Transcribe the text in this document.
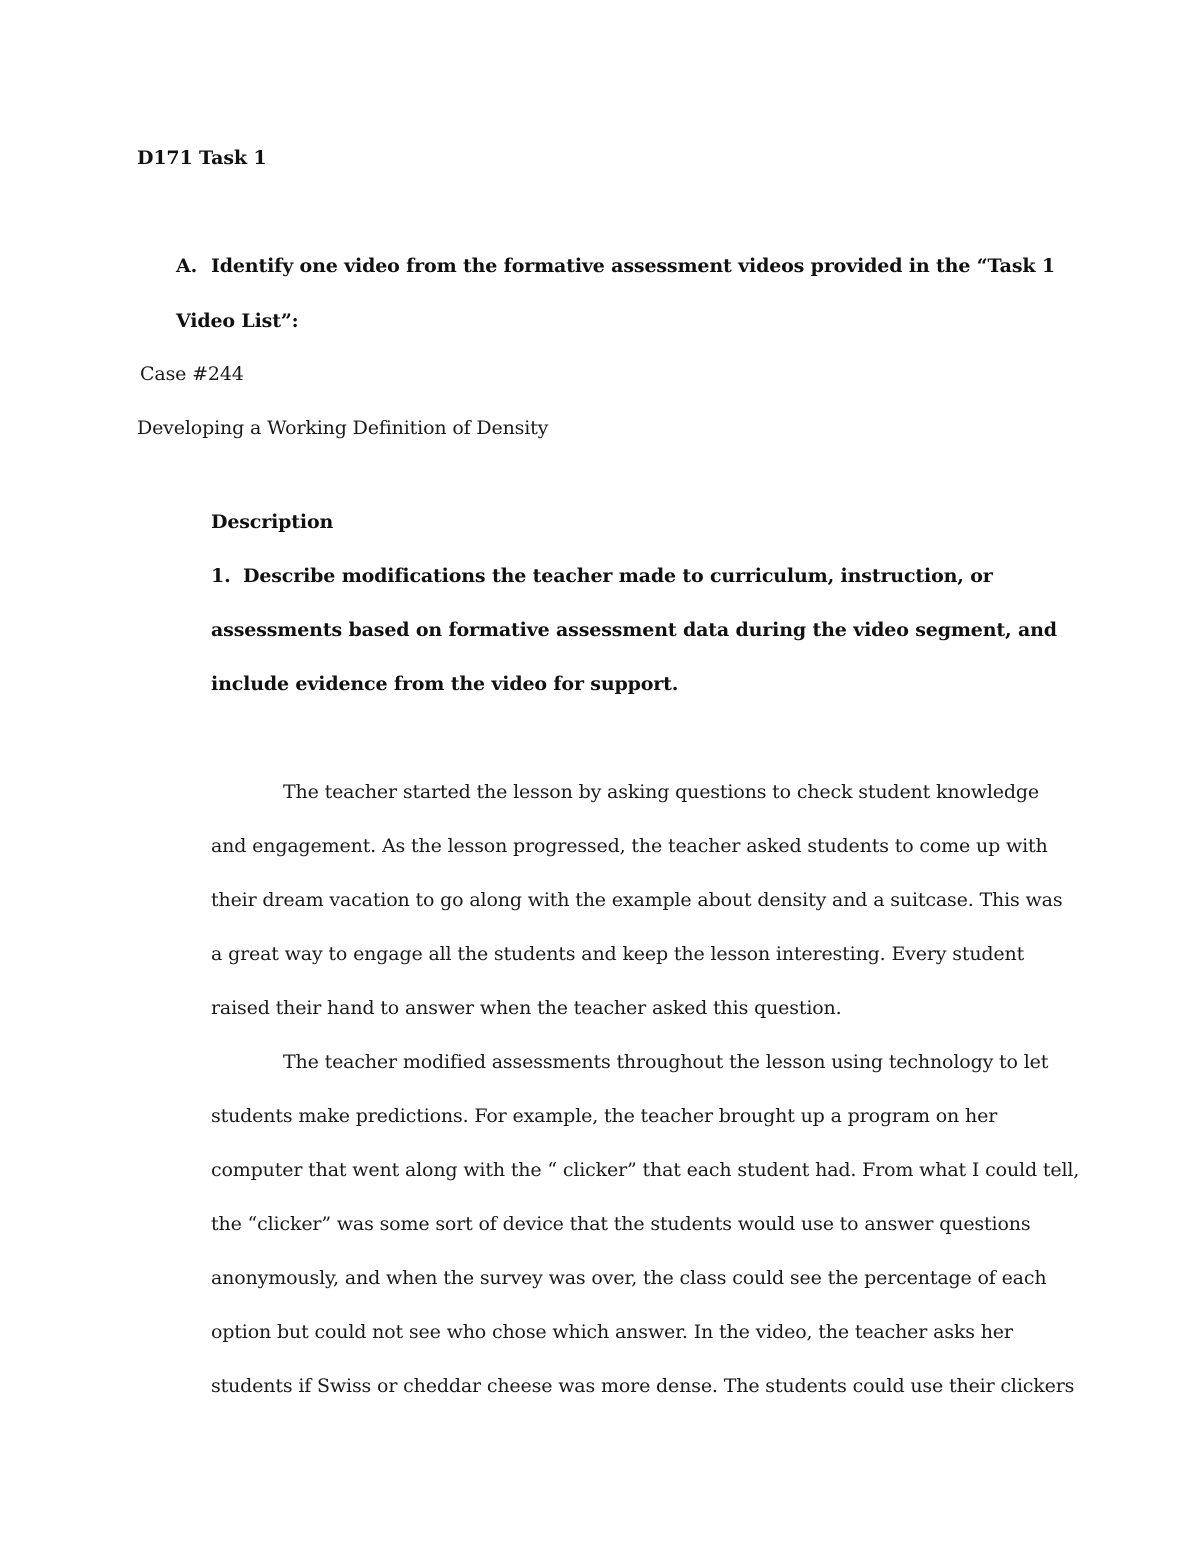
D171 Task 1
A. Identify one video from the formative assessment videos provided in the “Task 1
Video List”:
Case #244
Developing a Working Definition of Density
Description
1. Describe modifications the teacher made to curriculum, instruction, or
assessments based on formative assessment data during the video segment, and
include evidence from the video for support.
The teacher started the lesson by asking questions to check student knowledge
and engagement. As the lesson progressed, the teacher asked students to come up with
their dream vacation to go along with the example about density and a suitcase. This was
a great way to engage all the students and keep the lesson interesting. Every student
raised their hand to answer when the teacher asked this question.
The teacher modified assessments throughout the lesson using technology to let
students make predictions. For example, the teacher brought up a program on her
computer that went along with the “ clicker” that each student had. From what I could tell,
the “clicker” was some sort of device that the students would use to answer questions
anonymously, and when the survey was over, the class could see the percentage of each
option but could not see who chose which answer. In the video, the teacher asks her
students if Swiss or cheddar cheese was more dense. The students could use their clickers
